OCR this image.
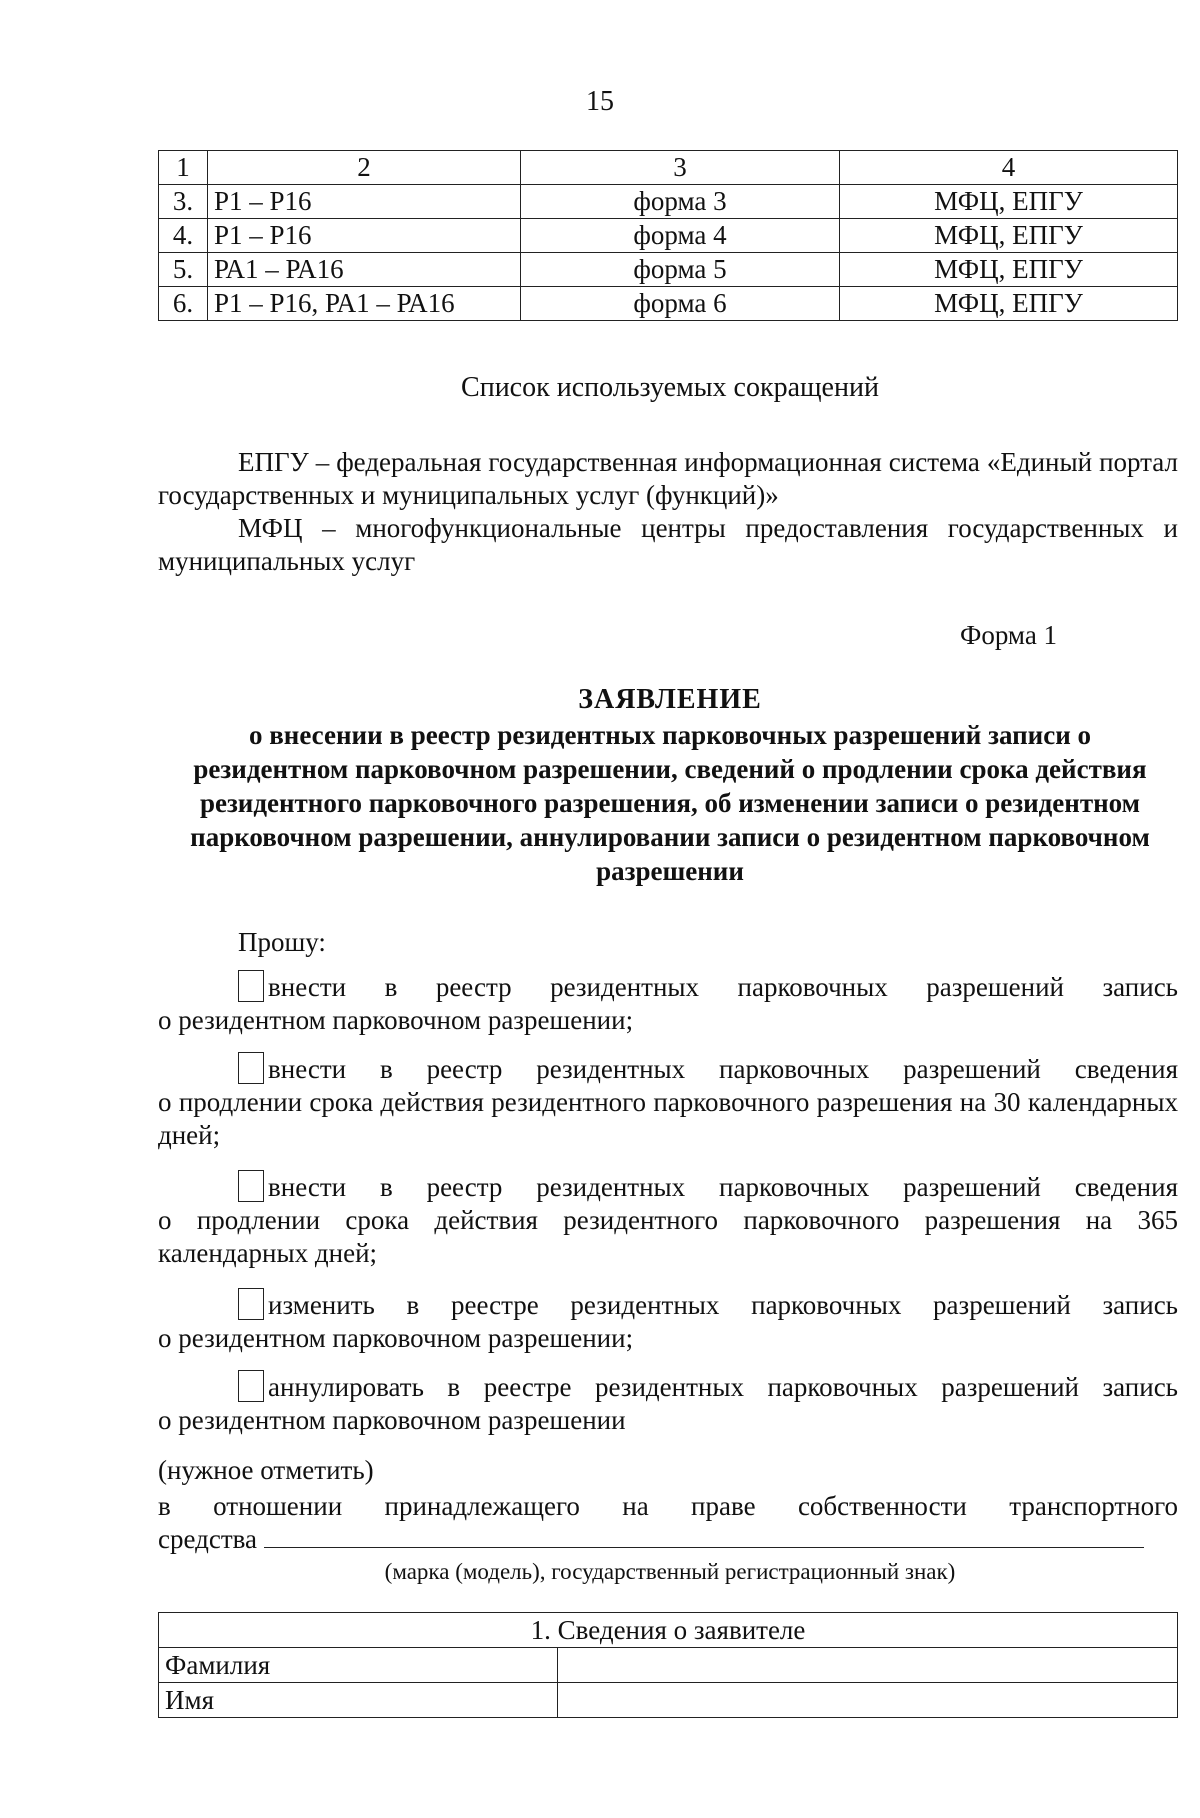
15
1	2	3	4
3.	Р1 – Р16	форма 3	МФЦ, ЕПГУ
4.	Р1 – Р16	форма 4	МФЦ, ЕПГУ
5.	РА1 – РА16	форма 5	МФЦ, ЕПГУ
6.	Р1 – Р16, РА1 – РА16	форма 6	МФЦ, ЕПГУ
Список используемых сокращений
ЕПГУ – федеральная государственная информационная система «Единый портал государственных и муниципальных услуг (функций)»
МФЦ – многофункциональные центры предоставления государственных и муниципальных услуг
Форма 1
ЗАЯВЛЕНИЕ
о внесении в реестр резидентных парковочных разрешений записи о резидентном парковочном разрешении, сведений о продлении срока действия резидентного парковочного разрешения, об изменении записи о резидентном парковочном разрешении, аннулировании записи о резидентном парковочном разрешении
Прошу:
внести в реестр резидентных парковочных разрешений запись
о резидентном парковочном разрешении;
внести в реестр резидентных парковочных разрешений сведения
о продлении срока действия резидентного парковочного разрешения на 30 календарных дней;
внести в реестр резидентных парковочных разрешений сведения
о продлении срока действия резидентного парковочного разрешения на 365 календарных дней;
изменить в реестре резидентных парковочных разрешений запись
о резидентном парковочном разрешении;
аннулировать в реестре резидентных парковочных разрешений запись
о резидентном парковочном разрешении
(нужное отметить)
в отношении принадлежащего на праве собственности транспортного
средства
(марка (модель), государственный регистрационный знак)
1. Сведения о заявителе	
Фамилия	
Имя	
